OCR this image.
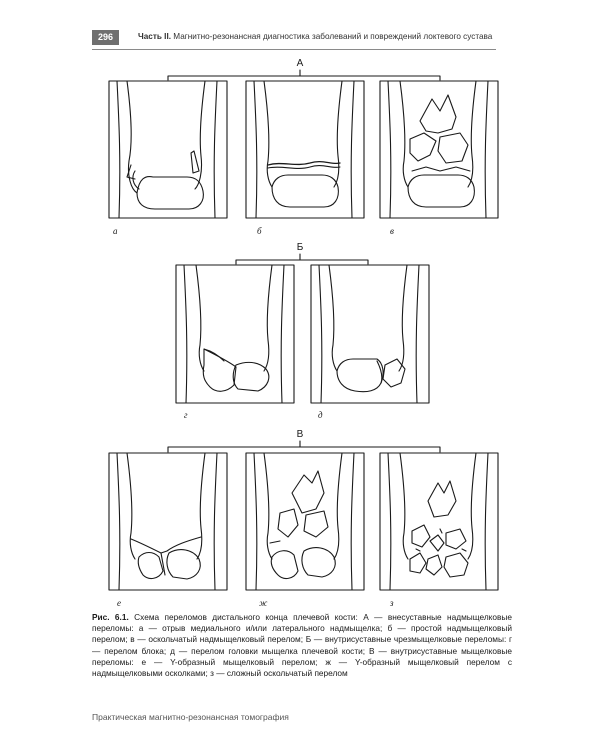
296	Часть II. Магнитно-резонансная диагностика заболеваний и повреждений локтевого сустава
а	б	в
г	д
е	ж	з
А
Б
В
Рис. 6.1. Схема переломов дистального конца плечевой кости: А — внесуставные надмыщелковые переломы: а — отрыв медиального и/или латерального надмыщелка; б — простой надмыщелковый перелом; в — оскольчатый надмыщелковый перелом; Б — внутрисуставные чрезмыщелковые переломы: г — перелом блока; д — перелом головки мыщелка плечевой кости; В — внутрисуставные мыщелковые переломы: е — Y-образный мыщелковый перелом; ж — Y-образный мыщелковый перелом с надмыщелковыми осколками; з — сложный оскольчатый перелом
Практическая магнитно-резонансная томография
